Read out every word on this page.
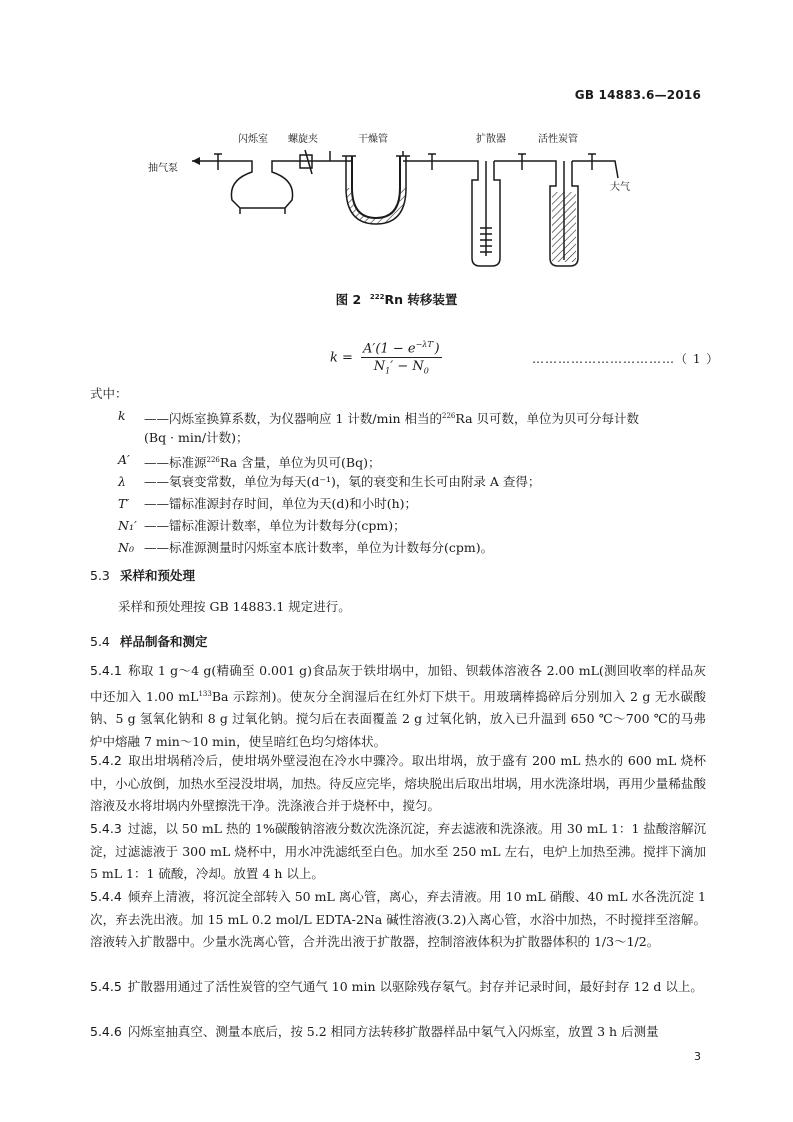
GB 14883.6—2016
抽气泵
闪烁室 螺旋夹	干燥管	扩散器	活性炭管
大气
图 2 $^{222}$Rn 转移装置
$k = \frac{A'(1 - e^{-\lambda T'})}{N_1' - N_0}$	……………………………（ 1 ）
式中：
k ——闪烁室换算系数，为仪器响应 1 计数/min 相当的$^{226}$Ra 贝可数，单位为贝可分每计数
(Bq · min/计数)；
A′ ——标准源$^{226}$Ra 含量，单位为贝可(Bq)；
λ ——氡衰变常数，单位为每天(d⁻¹)，氡的衰变和生长可由附录 A 查得；
T′ ——镭标准源封存时间，单位为天(d)和小时(h)；
N₁′ ——镭标准源计数率，单位为计数每分(cpm)；
N₀ ——标准源测量时闪烁室本底计数率，单位为计数每分(cpm)。
5.3 采样和预处理
采样和预处理按 GB 14883.1 规定进行。
5.4 样品制备和测定
5.4.1 称取 1 g～4 g(精确至 0.001 g)食品灰于铁坩埚中，加铅、钡载体溶液各 2.00 mL(测回收率的样品灰中还加入 1.00 $mL^{133}Ba$ 示踪剂)。使灰分全润湿后在红外灯下烘干。用玻璃棒捣碎后分别加入 2 g 无水碳酸钠、5 g 氢氧化钠和 8 g 过氧化钠。搅匀后在表面覆盖 2 g 过氧化钠，放入已升温到 650 ℃～700 ℃的马弗炉中熔融 7 min～10 min，使呈暗红色均匀熔体状。
5.4.2 取出坩埚稍冷后，使坩埚外壁浸泡在冷水中骤冷。取出坩埚，放于盛有 200 mL 热水的 600 mL 烧杯中，小心放倒，加热水至浸没坩埚，加热。待反应完毕，熔块脱出后取出坩埚，用水洗涤坩埚，再用少量稀盐酸溶液及水将坩埚内外壁擦洗干净。洗涤液合并于烧杯中，搅匀。
5.4.3 过滤，以 50 mL 热的 1%碳酸钠溶液分数次洗涤沉淀，弃去滤液和洗涤液。用 30 mL 1：1 盐酸溶解沉淀，过滤滤液于 300 mL 烧杯中，用水冲洗滤纸至白色。加水至 250 mL 左右，电炉上加热至沸。搅拌下滴加 5 mL 1：1 硫酸，冷却。放置 4 h 以上。
5.4.4 倾弃上清液，将沉淀全部转入 50 mL 离心管，离心，弃去清液。用 10 mL 硝酸、40 mL 水各洗沉淀 1 次，弃去洗出液。加 15 mL 0.2 mol/L EDTA-2Na 碱性溶液(3.2)入离心管，水浴中加热，不时搅拌至溶解。溶液转入扩散器中。少量水洗离心管，合并洗出液于扩散器，控制溶液体积为扩散器体积的 1/3～1/2。
5.4.5 扩散器用通过了活性炭管的空气通气 10 min 以驱除残存氡气。封存并记录时间，最好封存 12 d 以上。
5.4.6 闪烁室抽真空、测量本底后，按 5.2 相同方法转移扩散器样品中氡气入闪烁室，放置 3 h 后测量
3
